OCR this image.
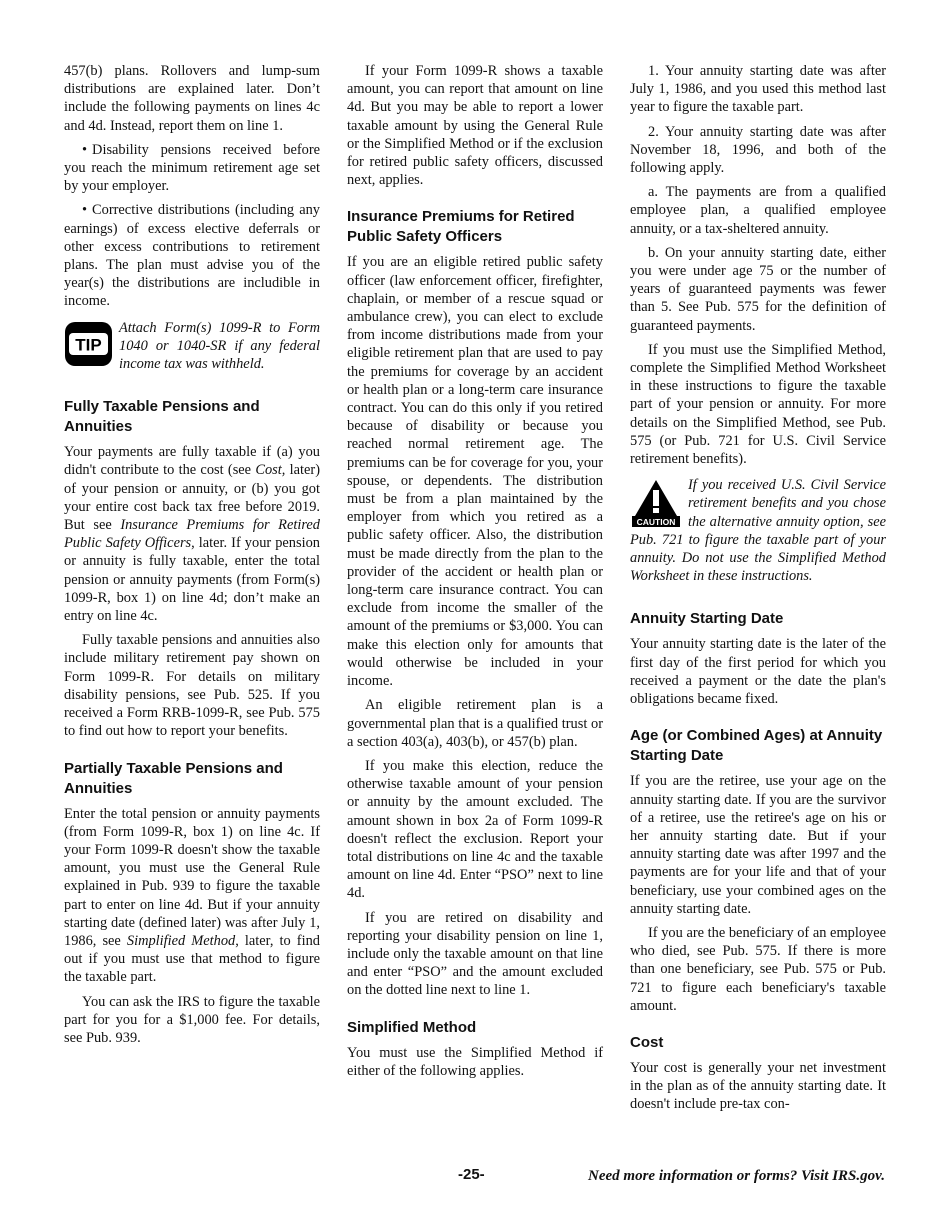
457(b) plans. Rollovers and lump-sum distributions are explained later. Don’t include the following payments on lines 4c and 4d. Instead, report them on line 1.

• Disability pensions received before you reach the minimum retirement age set by your employer.

• Corrective distributions (including any earnings) of excess elective deferrals or other excess contributions to retirement plans. The plan must advise you of the year(s) the distributions are includible in income.

TIP

Attach Form(s) 1099-R to Form 1040 or 1040-SR if any federal income tax was withheld.

Fully Taxable Pensions and Annuities

Your payments are fully taxable if (a) you didn't contribute to the cost (see Cost, later) of your pension or annuity, or (b) you got your entire cost back tax free before 2019. But see Insurance Premiums for Retired Public Safety Officers, later. If your pension or annuity is fully taxable, enter the total pension or annuity payments (from Form(s) 1099-R, box 1) on line 4d; don’t make an entry on line 4c.

Fully taxable pensions and annuities also include military retirement pay shown on Form 1099-R. For details on military disability pensions, see Pub. 525. If you received a Form RRB-1099-R, see Pub. 575 to find out how to report your benefits.

Partially Taxable Pensions and Annuities

Enter the total pension or annuity payments (from Form 1099-R, box 1) on line 4c. If your Form 1099-R doesn't show the taxable amount, you must use the General Rule explained in Pub. 939 to figure the taxable part to enter on line 4d. But if your annuity starting date (defined later) was after July 1, 1986, see Simplified Method, later, to find out if you must use that method to figure the taxable part.

You can ask the IRS to figure the taxable part for you for a $1,000 fee. For details, see Pub. 939.

If your Form 1099-R shows a taxable amount, you can report that amount on line 4d. But you may be able to report a lower taxable amount by using the General Rule or the Simplified Method or if the exclusion for retired public safety officers, discussed next, applies.

Insurance Premiums for Retired Public Safety Officers

If you are an eligible retired public safety officer (law enforcement officer, firefighter, chaplain, or member of a rescue squad or ambulance crew), you can elect to exclude from income distributions made from your eligible retirement plan that are used to pay the premiums for coverage by an accident or health plan or a long-term care insurance contract. You can do this only if you retired because of disability or because you reached normal retirement age. The premiums can be for coverage for you, your spouse, or dependents. The distribution must be from a plan maintained by the employer from which you retired as a public safety officer. Also, the distribution must be made directly from the plan to the provider of the accident or health plan or long-term care insurance contract. You can exclude from income the smaller of the amount of the premiums or $3,000. You can make this election only for amounts that would otherwise be included in your income.

An eligible retirement plan is a governmental plan that is a qualified trust or a section 403(a), 403(b), or 457(b) plan.

If you make this election, reduce the otherwise taxable amount of your pension or annuity by the amount excluded. The amount shown in box 2a of Form 1099-R doesn't reflect the exclusion. Report your total distributions on line 4c and the taxable amount on line 4d. Enter “PSO” next to line 4d.

If you are retired on disability and reporting your disability pension on line 1, include only the taxable amount on that line and enter “PSO” and the amount excluded on the dotted line next to line 1.

Simplified Method

You must use the Simplified Method if either of the following applies.

1. Your annuity starting date was after July 1, 1986, and you used this method last year to figure the taxable part.

2. Your annuity starting date was after November 18, 1996, and both of the following apply.

a. The payments are from a qualified employee plan, a qualified employee annuity, or a tax-sheltered annuity.

b. On your annuity starting date, either you were under age 75 or the number of years of guaranteed payments was fewer than 5. See Pub. 575 for the definition of guaranteed payments.

If you must use the Simplified Method, complete the Simplified Method Worksheet in these instructions to figure the taxable part of your pension or annuity. For more details on the Simplified Method, see Pub. 575 (or Pub. 721 for U.S. Civil Service retirement benefits).

CAUTION

If you received U.S. Civil Service retirement benefits and you chose the alternative annuity option, see Pub. 721 to figure the taxable part of your annuity. Do not use the Simplified Method Worksheet in these instructions.

Annuity Starting Date

Your annuity starting date is the later of the first day of the first period for which you received a payment or the date the plan's obligations became fixed.

Age (or Combined Ages) at Annuity Starting Date

If you are the retiree, use your age on the annuity starting date. If you are the survivor of a retiree, use the retiree's age on his or her annuity starting date. But if your annuity starting date was after 1997 and the payments are for your life and that of your beneficiary, use your combined ages on the annuity starting date.

If you are the beneficiary of an employee who died, see Pub. 575. If there is more than one beneficiary, see Pub. 575 or Pub. 721 to figure each beneficiary's taxable amount.

Cost

Your cost is generally your net investment in the plan as of the annuity starting date. It doesn't include pre-tax con-

-25-	Need more information or forms? Visit IRS.gov.
